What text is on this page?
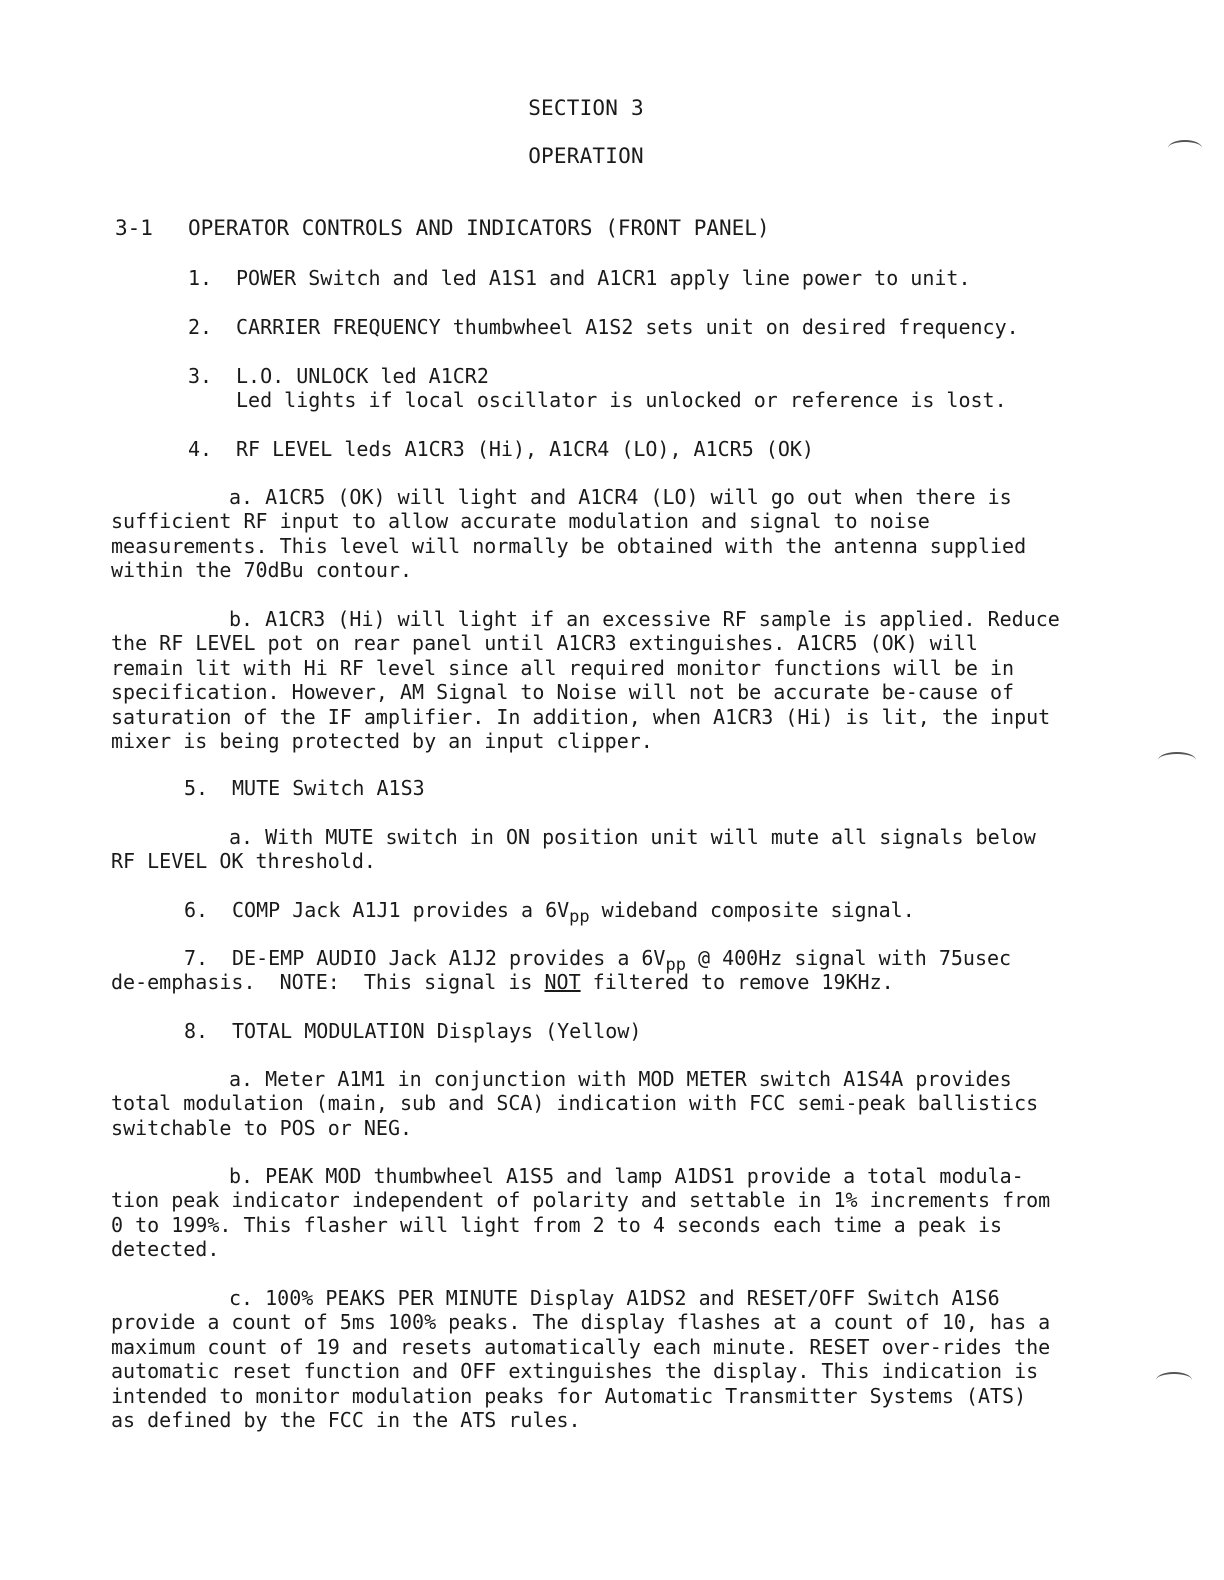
SECTION 3
OPERATION
3-1 OPERATOR CONTROLS AND INDICATORS (FRONT PANEL)
1. POWER Switch and led A1S1 and A1CR1 apply line power to unit.
2. CARRIER FREQUENCY thumbwheel A1S2 sets unit on desired frequency.
3. L.O. UNLOCK led A1CR2
Led lights if local oscillator is unlocked or reference is lost.
4. RF LEVEL leds A1CR3 (Hi), A1CR4 (LO), A1CR5 (OK)
a. A1CR5 (OK) will light and A1CR4 (LO) will go out when there is sufficient RF input to allow accurate modulation and signal to noise measurements. This level will normally be obtained with the antenna supplied within the 70dBu contour.
b. A1CR3 (Hi) will light if an excessive RF sample is applied. Reduce the RF LEVEL pot on rear panel until A1CR3 extinguishes. A1CR5 (OK) will remain lit with Hi RF level since all required monitor functions will be in specification. However, AM Signal to Noise will not be accurate be-cause of saturation of the IF amplifier. In addition, when A1CR3 (Hi) is lit, the input mixer is being protected by an input clipper.
5. MUTE Switch A1S3
a. With MUTE switch in ON position unit will mute all signals below RF LEVEL OK threshold.
6. COMP Jack A1J1 provides a $6V_{pp}$ wideband composite signal.
7. DE-EMP AUDIO Jack A1J2 provides a $6V_{pp}$ @ 400Hz signal with 75usec
de-emphasis.  NOTE:  This signal is NOT filtered to remove 19KHz.
8. TOTAL MODULATION Displays (Yellow)
a. Meter A1M1 in conjunction with MOD METER switch A1S4A provides total modulation (main, sub and SCA) indication with FCC semi-peak ballistics switchable to POS or NEG.
b. PEAK MOD thumbwheel A1S5 and lamp A1DS1 provide a total modula-tion peak indicator independent of polarity and settable in 1% increments from 0 to 199%. This flasher will light from 2 to 4 seconds each time a peak is detected.
c. 100% PEAKS PER MINUTE Display A1DS2 and RESET/OFF Switch A1S6 provide a count of 5ms 100% peaks. The display flashes at a count of 10, has a maximum count of 19 and resets automatically each minute. RESET over-rides the automatic reset function and OFF extinguishes the display. This indication is intended to monitor modulation peaks for Automatic Transmitter Systems (ATS) as defined by the FCC in the ATS rules.
